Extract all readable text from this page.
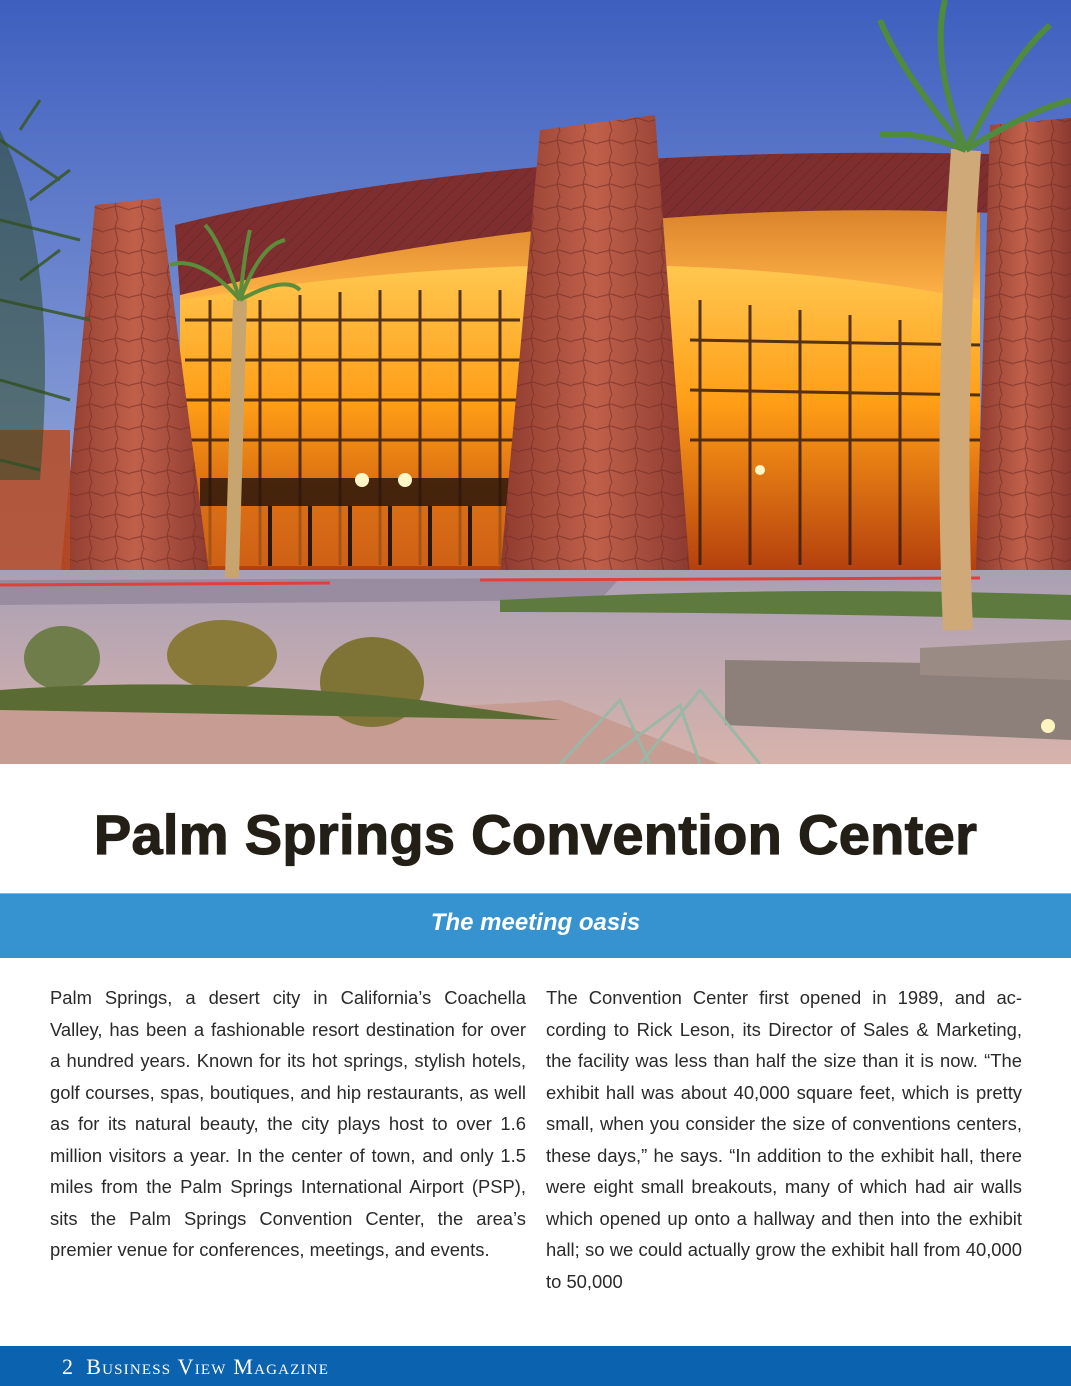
Palm Springs Convention Center
The meeting oasis

Palm Springs, a desert city in California’s Coachella Valley, has been a fashionable resort destination for over a hundred years. Known for its hot springs, stylish hotels, golf courses, spas, boutiques, and hip restaurants, as well as for its natural beauty, the city plays host to over 1.6 million visitors a year. In the center of town, and only 1.5 miles from the Palm Springs International Airport (PSP), sits the Palm Springs Convention Center, the area’s premier venue for conferences, meetings, and events.

The Convention Center first opened in 1989, and according to Rick Leson, its Director of Sales & Marketing, the facility was less than half the size than it is now. “The exhibit hall was about 40,000 square feet, which is pretty small, when you consider the size of conventions centers, these days,” he says. “In addition to the exhibit hall, there were eight small breakouts, many of which had air walls which opened up onto a hallway and then into the exhibit hall; so we could actually grow the exhibit hall from 40,000 to 50,000

2 Business View Magazine
